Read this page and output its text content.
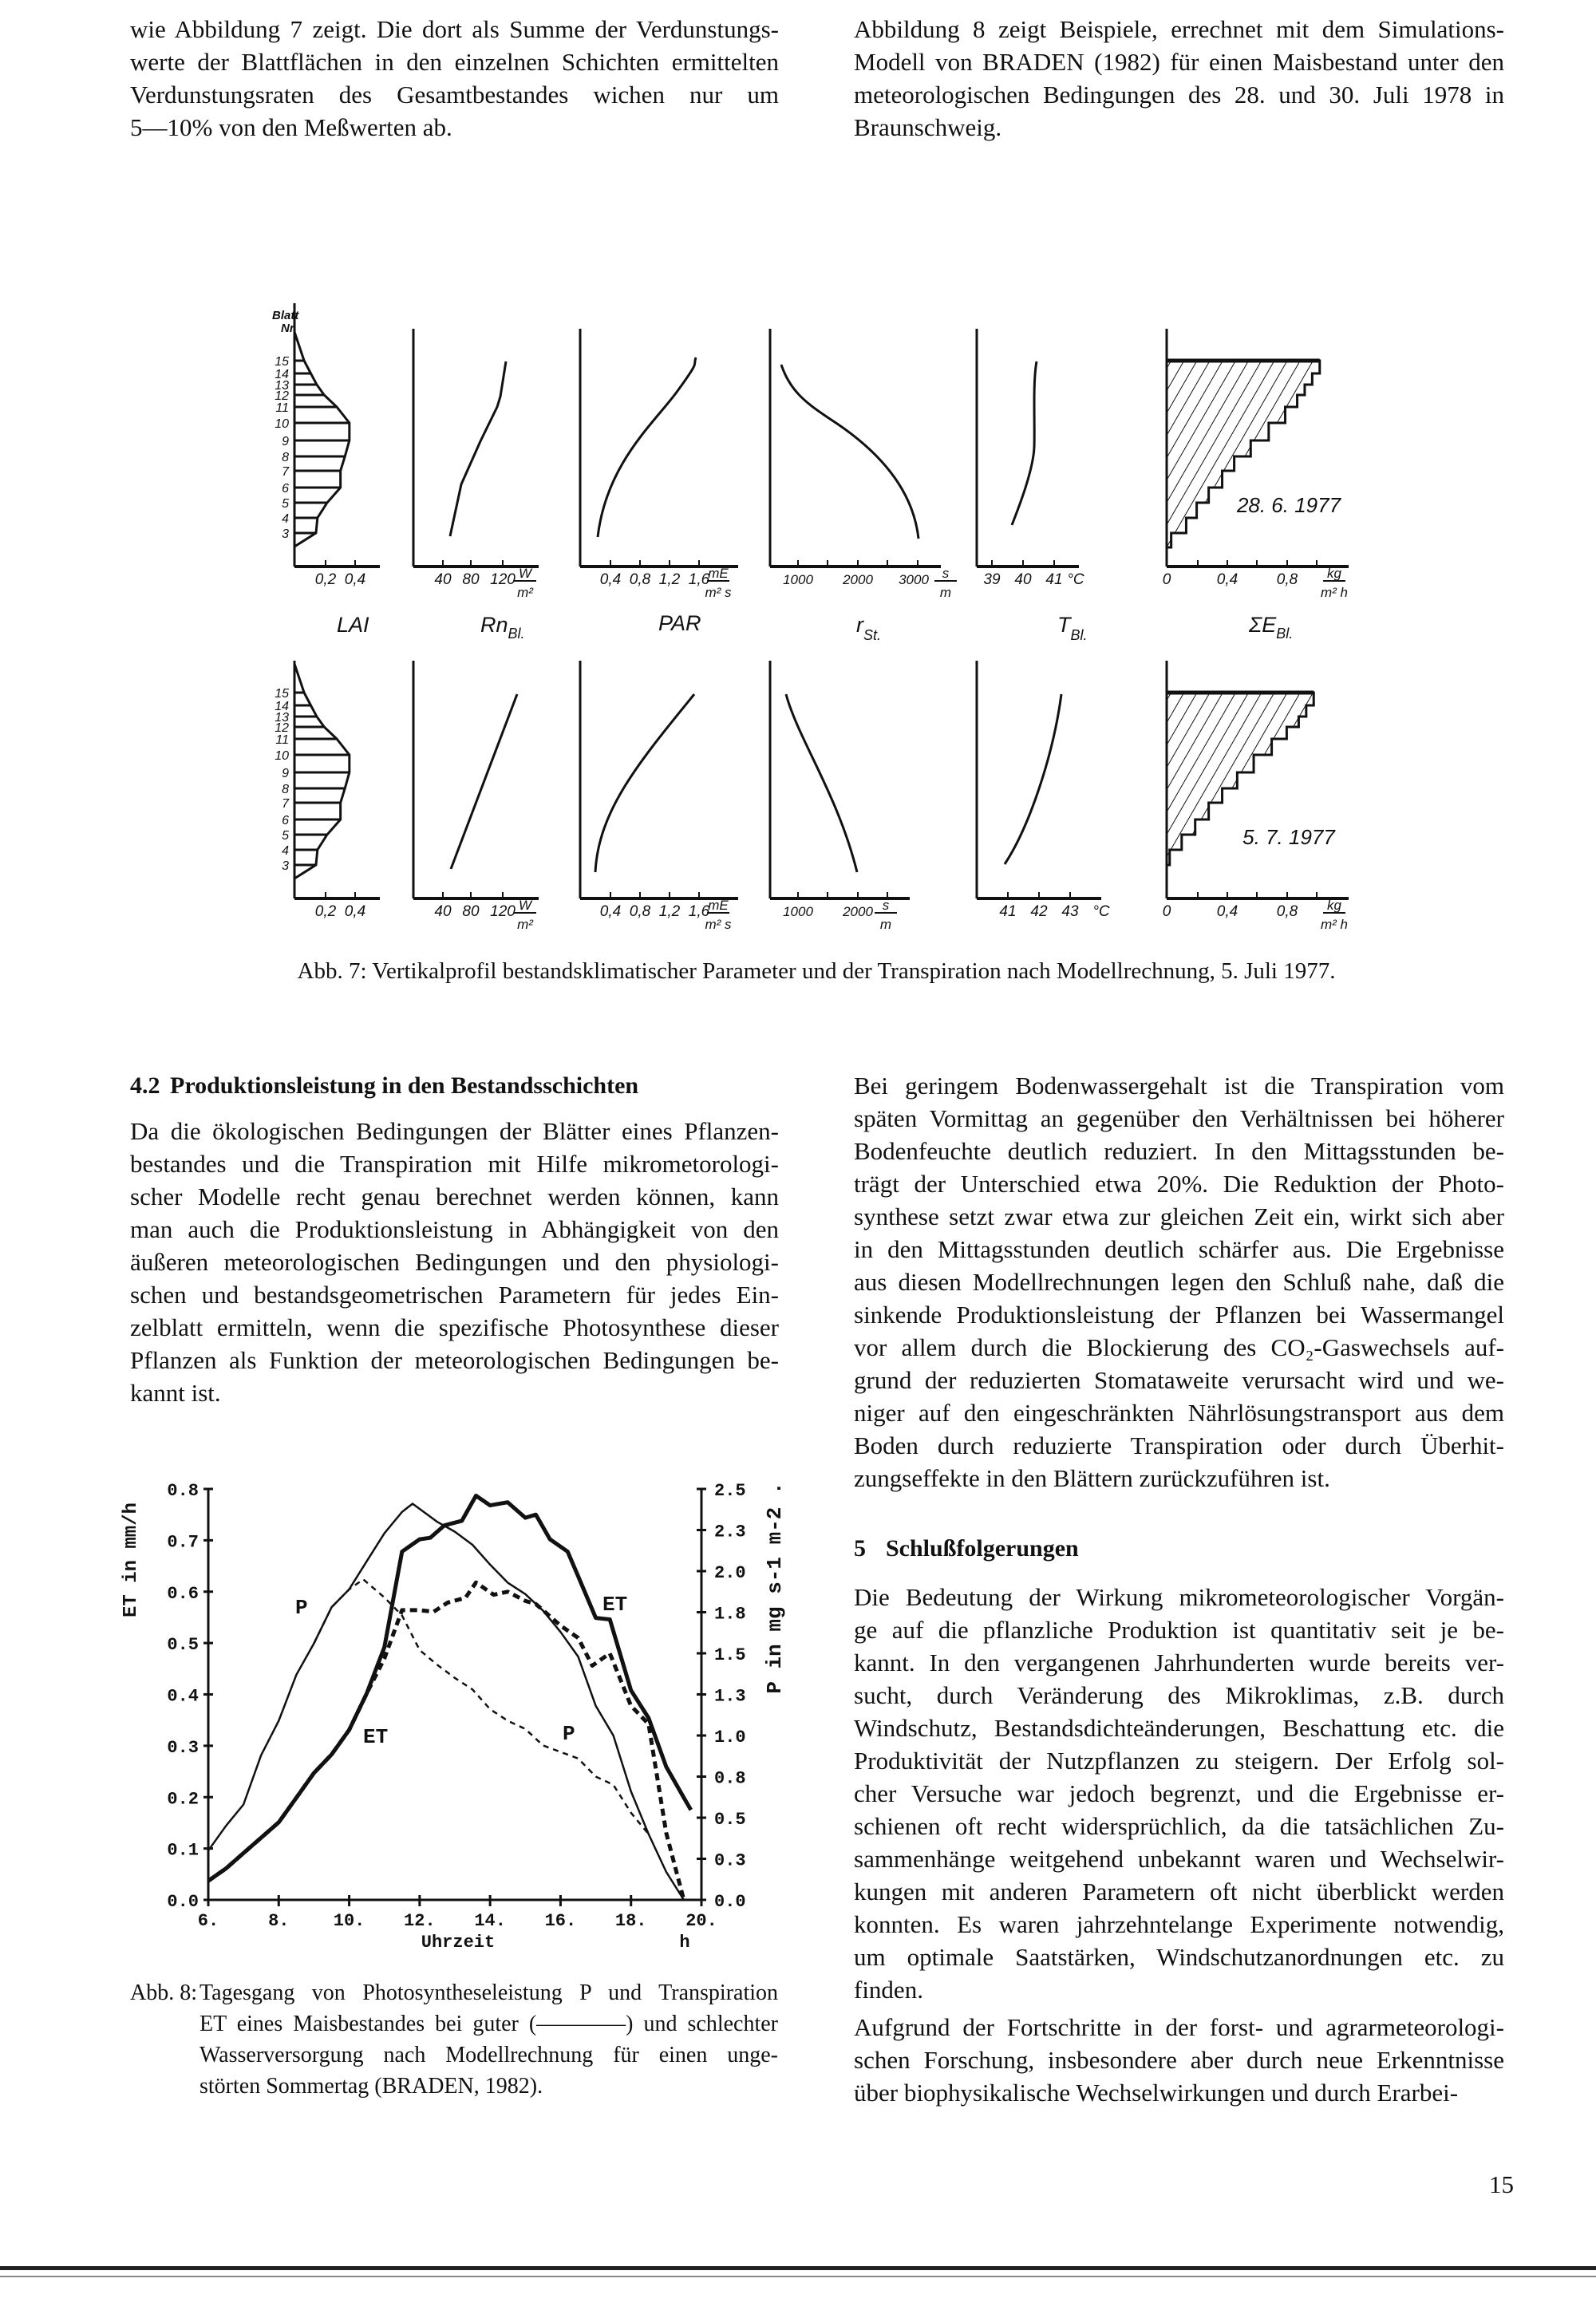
wie Abbildung 7 zeigt. Die dort als Summe der Verdunstungs-
werte der Blattflächen in den einzelnen Schichten ermittelten
Verdunstungsraten des Gesamtbestandes wichen nur um
5—10% von den Meßwerten ab.
Abbildung 8 zeigt Beispiele, errechnet mit dem Simulations-
Modell von BRADEN (1982) für einen Maisbestand unter den
meteorologischen Bedingungen des 28. und 30. Juli 1978 in
Braunschweig.
Blatt
Nr.
15
14
13
12
11
10
9
8
7
6
5
4
3
28. 6. 1977
0,2 0,4	40 80 120	0,4 0,8 1,2 1,6	1000 2000 3000	39 40 41 °C	0	0,4	0,8
W
m²
mE
m² s
s
m
kg
m² h
15
14
13
12
11
10
9
8
7
6
5
4
3
5. 7. 1977
0,2 0,4	40 80 120	0,4 0,8 1,2 1,6	1000 2000	41 42 43 °C	0	0,4	0,8
W
m²
mE
m² s
s
m
kg
m² h
LAI	$Rn_{Bl.}$	PAR	$r_{St.}$	$T_{Bl.}$	$\Sigma E_{Bl.}$
Abb. 7: Vertikalprofil bestandsklimatischer Parameter und der Transpiration nach Modellrechnung, 5. Juli 1977.
4.2 Produktionsleistung in den Bestandsschichten
Da die ökologischen Bedingungen der Blätter eines Pflanzen-
bestandes und die Transpiration mit Hilfe mikrometorologi-
scher Modelle recht genau berechnet werden können, kann
man auch die Produktionsleistung in Abhängigkeit von den
äußeren meteorologischen Bedingungen und den physiologi-
schen und bestandsgeometrischen Parametern für jedes Ein-
zelblatt ermitteln, wenn die spezifische Photosynthese dieser
Pflanzen als Funktion der meteorologischen Bedingungen be-
kannt ist.
Bei geringem Bodenwassergehalt ist die Transpiration vom
späten Vormittag an gegenüber den Verhältnissen bei höherer
Bodenfeuchte deutlich reduziert. In den Mittagsstunden be-
trägt der Unterschied etwa 20%. Die Reduktion der Photo-
synthese setzt zwar etwa zur gleichen Zeit ein, wirkt sich aber
in den Mittagsstunden deutlich schärfer aus. Die Ergebnisse
aus diesen Modellrechnungen legen den Schluß nahe, daß die
sinkende Produktionsleistung der Pflanzen bei Wassermangel
vor allem durch die Blockierung des CO₂-Gaswechsels auf-
grund der reduzierten Stomataweite verursacht wird und we-
niger auf den eingeschränkten Nährlösungstransport aus dem
Boden durch reduzierte Transpiration oder durch Überhit-
zungseffekte in den Blättern zurückzuführen ist.
5 Schlußfolgerungen
Die Bedeutung der Wirkung mikrometeorologischer Vorgän-
ge auf die pflanzliche Produktion ist quantitativ seit je be-
kannt. In den vergangenen Jahrhunderten wurde bereits ver-
sucht, durch Veränderung des Mikroklimas, z.B. durch
Windschutz, Bestandsdichteänderungen, Beschattung etc. die
Produktivität der Nutzpflanzen zu steigern. Der Erfolg sol-
cher Versuche war jedoch begrenzt, und die Ergebnisse er-
schienen oft recht widersprüchlich, da die tatsächlichen Zu-
sammenhänge weitgehend unbekannt waren und Wechselwir-
kungen mit anderen Parametern oft nicht überblickt werden
konnten. Es waren jahrzehntelange Experimente notwendig,
um optimale Saatstärken, Windschutzanordnungen etc. zu
finden.
Aufgrund der Fortschritte in der forst- und agrarmeteorologi-
schen Forschung, insbesondere aber durch neue Erkenntnisse
über biophysikalische Wechselwirkungen und durch Erarbei-
0.0
0.1
0.2
0.3
0.4
0.5
0.6
0.7
0.8
0.0
0.3
0.5
0.8
1.0
1.3
1.5
1.8
2.0
2.3
2.5
6.	8.	10. 12. 14. 16. 18. 20.
ET in mm/h	P in mg s-1 m-2 .
Uhrzeit	h
P	ET
ET	P
Abb. 8: Tagesgang von Photosyntheseleistung P und Transpiration
ET eines Maisbestandes bei guter (————) und schlechter
Wasserversorgung nach Modellrechnung für einen unge-
störten Sommertag (BRADEN, 1982).
15
